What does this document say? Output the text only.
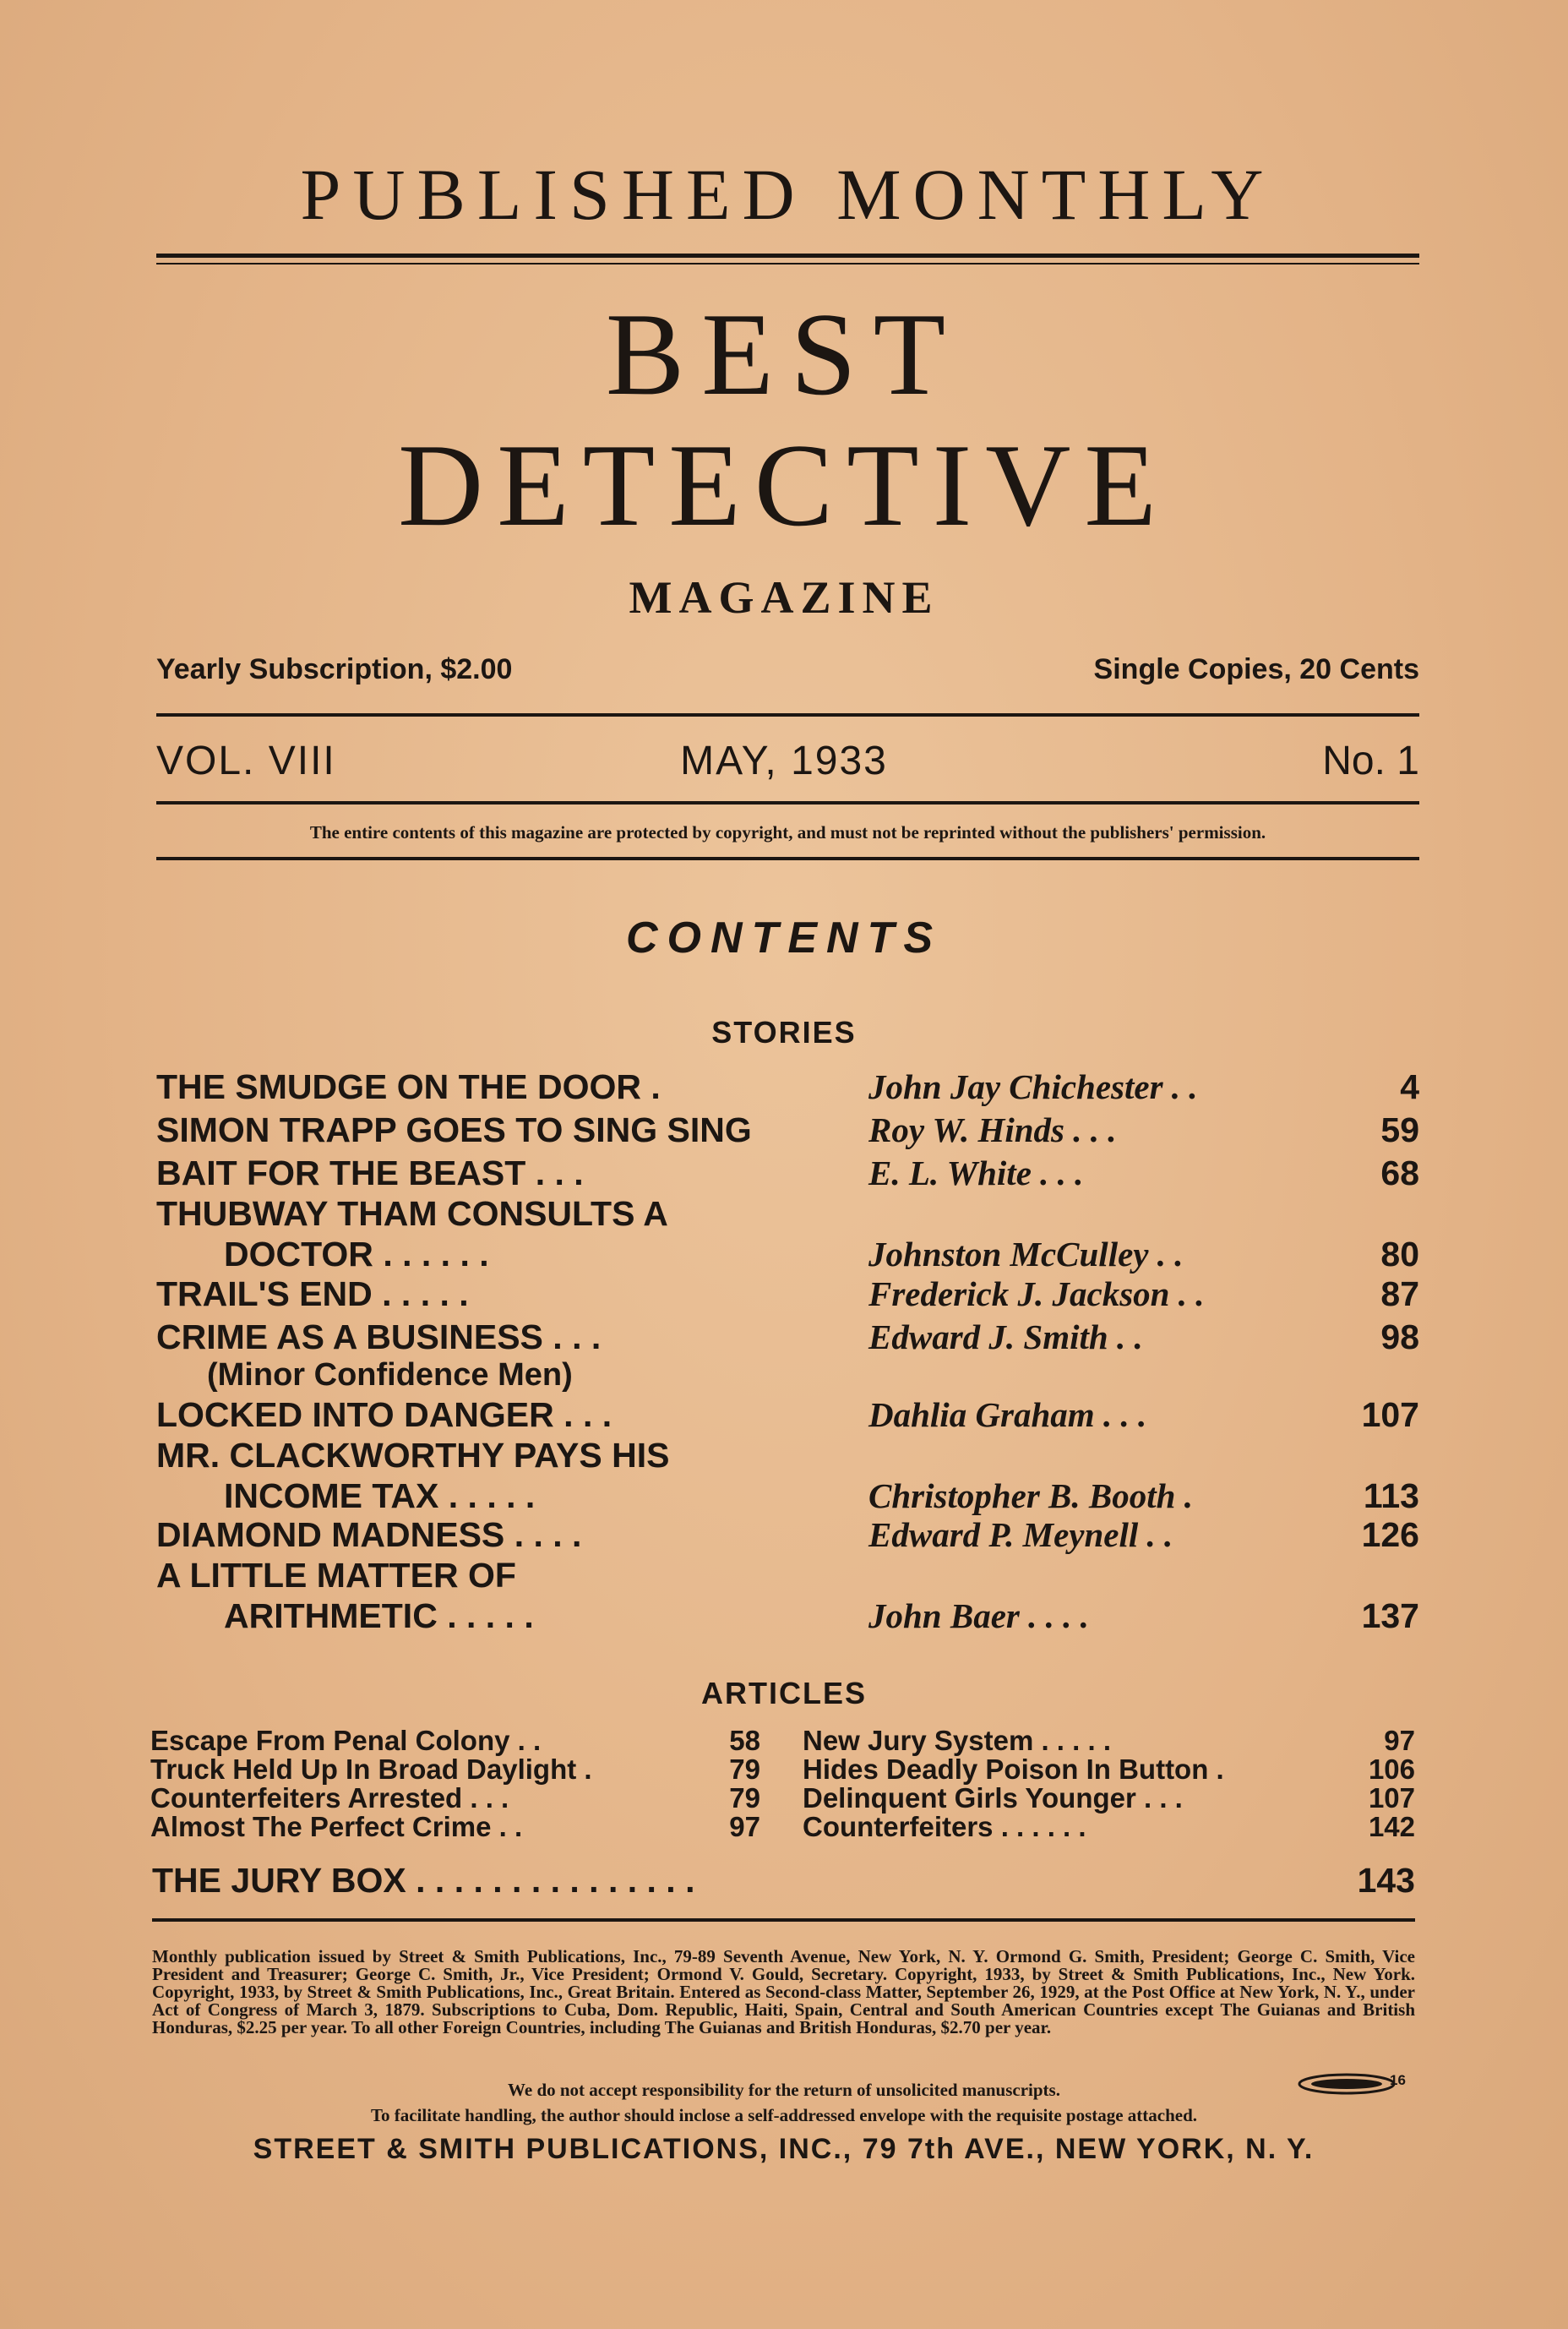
PUBLISHED MONTHLY
BEST
DETECTIVE
MAGAZINE
Yearly Subscription, $2.00	Single Copies, 20 Cents
VOL. VIII	MAY, 1933	No. 1
The entire contents of this magazine are protected by copyright, and must not be reprinted without the publishers' permission.
CONTENTS
STORIES
THE SMUDGE ON THE DOOR .	John Jay Chichester . .	4
SIMON TRAPP GOES TO SING SING	Roy W. Hinds . . .	59
BAIT FOR THE BEAST . . .	E. L. White . . .	68
THUBWAY THAM CONSULTS A
DOCTOR . . . . . .	Johnston McCulley . .	80
TRAIL'S END . . . . .	Frederick J. Jackson . .	87
CRIME AS A BUSINESS . . .	Edward J. Smith . .	98
(Minor Confidence Men)
LOCKED INTO DANGER . . .	Dahlia Graham . . .	107
MR. CLACKWORTHY PAYS HIS
INCOME TAX . . . . .	Christopher B. Booth .	113
DIAMOND MADNESS . . . .	Edward P. Meynell . .	126
A LITTLE MATTER OF
ARITHMETIC . . . . .	John Baer . . . .	137
ARTICLES
Escape From Penal Colony . .	58
Truck Held Up In Broad Daylight .	79
Counterfeiters Arrested . . .	79
Almost The Perfect Crime . .	97
New Jury System . . . . .	97
Hides Deadly Poison In Button .	106
Delinquent Girls Younger . . .	107
Counterfeiters . . . . . .	142
THE JURY BOX . . . . . . . . . . . . . . .	143
Monthly publication issued by Street & Smith Publications, Inc., 79-89 Seventh Avenue, New York, N. Y. Ormond G. Smith, President; George C. Smith, Vice President and Treasurer; George C. Smith, Jr., Vice President; Ormond V. Gould, Secretary. Copyright, 1933, by Street & Smith Publications, Inc., New York. Copyright, 1933, by Street & Smith Publications, Inc., Great Britain. Entered as Second-class Matter, September 26, 1929, at the Post Office at New York, N. Y., under Act of Congress of March 3, 1879. Subscriptions to Cuba, Dom. Republic, Haiti, Spain, Central and South American Countries except The Guianas and British Honduras, $2.25 per year. To all other Foreign Countries, including The Guianas and British Honduras, $2.70 per year.
We do not accept responsibility for the return of unsolicited manuscripts.
To facilitate handling, the author should inclose a self-addressed envelope with the requisite postage attached.
16
STREET & SMITH PUBLICATIONS, INC., 79 7th AVE., NEW YORK, N. Y.
